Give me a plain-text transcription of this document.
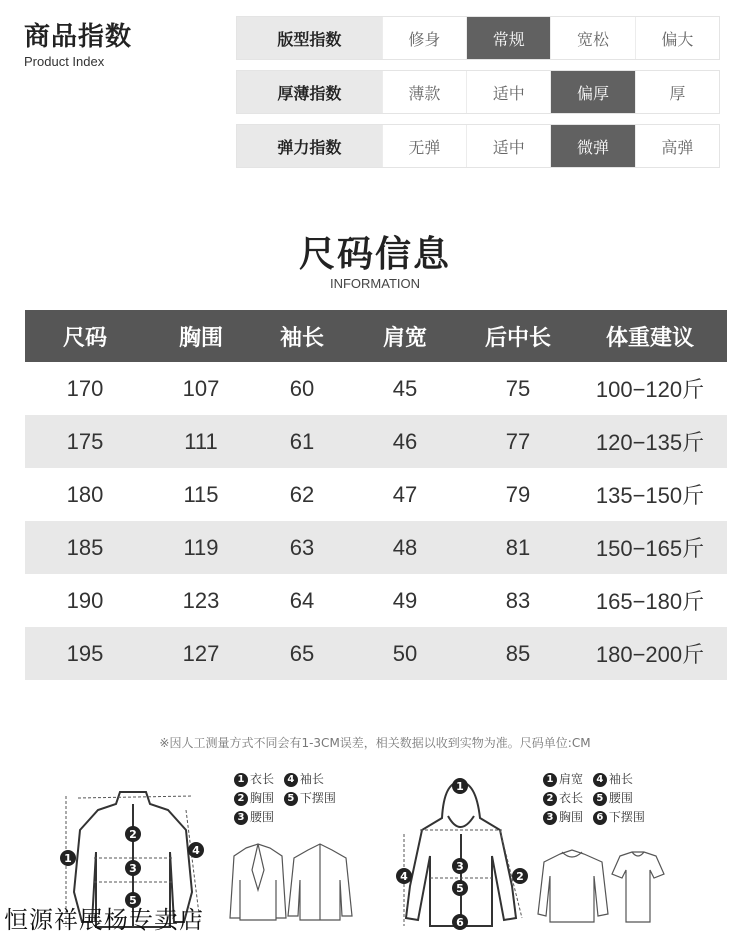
商品指数
Product Index
版型指数	修身	常规	宽松	偏大
厚薄指数	薄款	适中	偏厚	厚
弹力指数	无弹	适中	微弹	高弹
尺码信息
INFORMATION
尺码	胸围	袖长	肩宽	后中长	体重建议
170	107	60	45	75	100−120斤
175	111	61	46	77	120−135斤
180	115	62	47	79	135−150斤
185	119	63	48	81	150−165斤
190	123	64	49	83	165−180斤
195	127	65	50	85	180−200斤
※因人工测量方式不同会有1-3CM误差，相关数据以收到实物为准。尺码单位:CM
1
2
3
4
5
1 衣长 4 袖长
2 胸围 5 下摆围
3 腰围
1
2
3
4
5
6
1 肩宽 4 袖长
2 衣长 5 腰围
3 胸围 6 下摆围
恒源祥展杨专卖店
